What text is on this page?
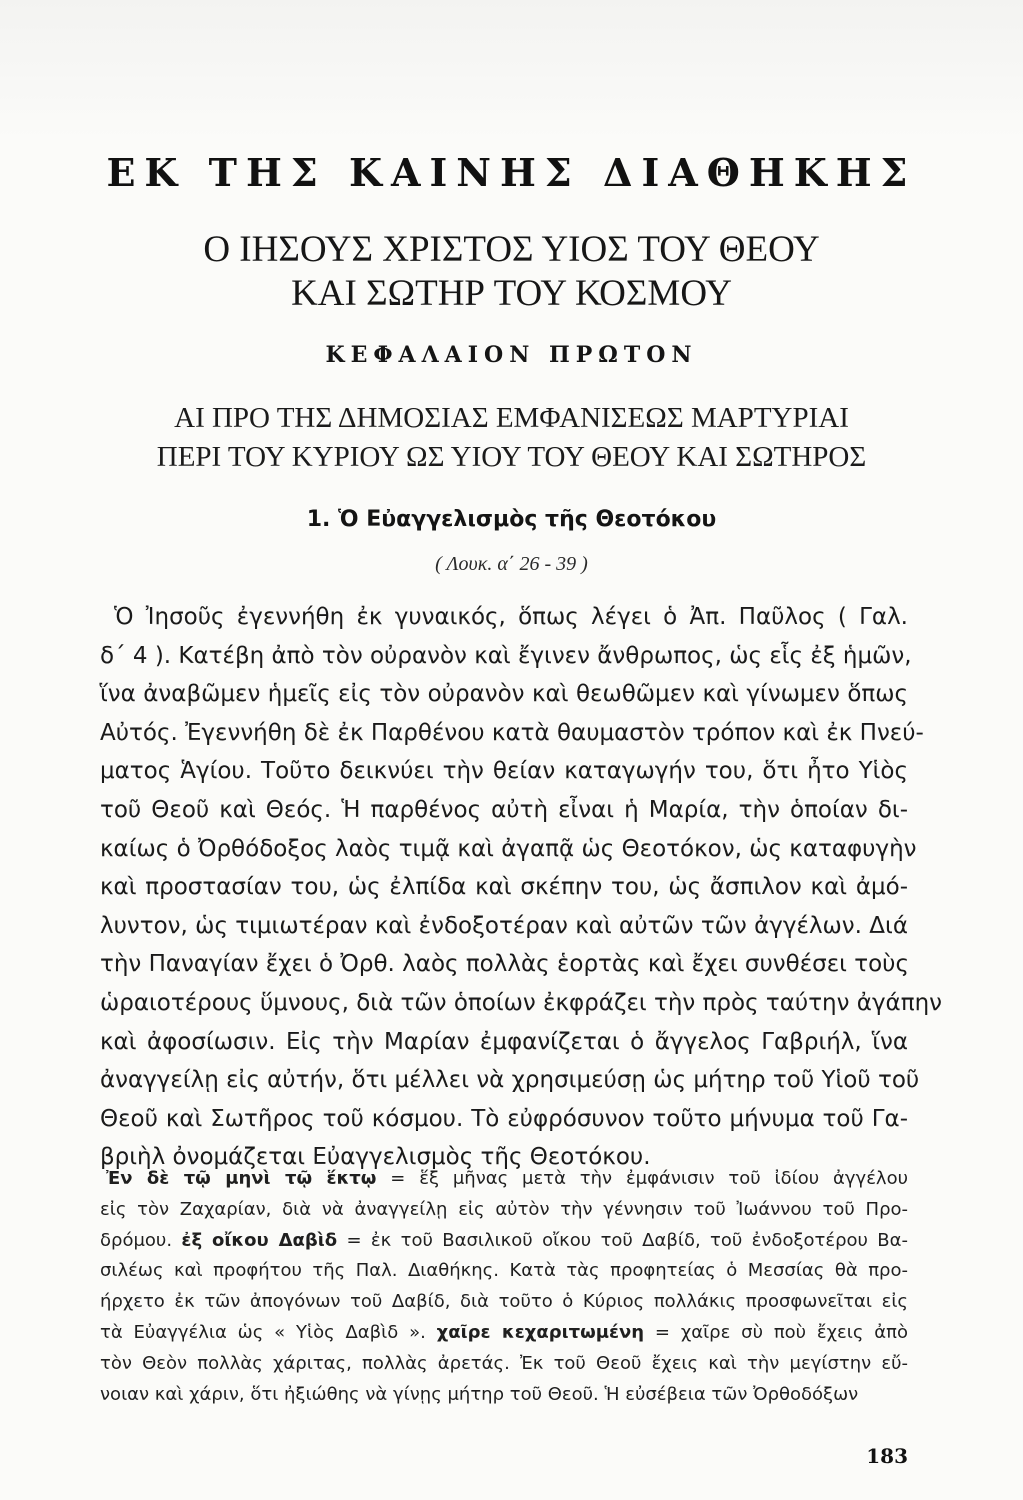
ΕΚ ΤΗΣ ΚΑΙΝΗΣ ΔΙΑΘΗΚΗΣ
Ο ΙΗΣΟΥΣ ΧΡΙΣΤΟΣ ΥΙΟΣ ΤΟΥ ΘΕΟΥ
ΚΑΙ ΣΩΤΗΡ ΤΟΥ ΚΟΣΜΟΥ
ΚΕΦΑΛΑΙΟΝ ΠΡΩΤΟΝ
ΑΙ ΠΡΟ ΤΗΣ ΔΗΜΟΣΙΑΣ ΕΜΦΑΝΙΣΕΩΣ ΜΑΡΤΥΡΙΑΙ
ΠΕΡΙ ΤΟΥ ΚΥΡΙΟΥ ΩΣ ΥΙΟΥ ΤΟΥ ΘΕΟΥ ΚΑΙ ΣΩΤΗΡΟΣ
1. Ὁ Εὐαγγελισμὸς τῆς Θεοτόκου
( Λουκ. α΄ 26 - 39 )
Ὁ Ἰησοῦς ἐγεννήθη ἐκ γυναικός, ὅπως λέγει ὁ Ἀπ. Παῦλος ( Γαλ.
δ΄ 4 ). Κατέβη ἀπὸ τὸν οὐρανὸν καὶ ἔγινεν ἄνθρωπος, ὡς εἷς ἐξ ἡμῶν,
ἵνα ἀναβῶμεν ἡμεῖς εἰς τὸν οὐρανὸν καὶ θεωθῶμεν καὶ γίνωμεν ὅπως
Αὐτός. Ἐγεννήθη δὲ ἐκ Παρθένου κατὰ θαυμαστὸν τρόπον καὶ ἐκ Πνεύ-
ματος Ἁγίου. Τοῦτο δεικνύει τὴν θείαν καταγωγήν του, ὅτι ἦτο Υἱὸς
τοῦ Θεοῦ καὶ Θεός. Ἡ παρθένος αὐτὴ εἶναι ἡ Μαρία, τὴν ὁποίαν δι-
καίως ὁ Ὀρθόδοξος λαὸς τιμᾷ καὶ ἀγαπᾷ ὡς Θεοτόκον, ὡς καταφυγὴν
καὶ προστασίαν του, ὡς ἐλπίδα καὶ σκέπην του, ὡς ἄσπιλον καὶ ἀμό-
λυντον, ὡς τιμιωτέραν καὶ ἐνδοξοτέραν καὶ αὐτῶν τῶν ἀγγέλων. Διά
τὴν Παναγίαν ἔχει ὁ Ὀρθ. λαὸς πολλὰς ἑορτὰς καὶ ἔχει συνθέσει τοὺς
ὡραιοτέρους ὕμνους, διὰ τῶν ὁποίων ἐκφράζει τὴν πρὸς ταύτην ἀγάπην
καὶ ἀφοσίωσιν. Εἰς τὴν Μαρίαν ἐμφανίζεται ὁ ἄγγελος Γαβριήλ, ἵνα
ἀναγγείλῃ εἰς αὐτήν, ὅτι μέλλει νὰ χρησιμεύσῃ ὡς μήτηρ τοῦ Υἱοῦ τοῦ
Θεοῦ καὶ Σωτῆρος τοῦ κόσμου. Τὸ εὐφρόσυνον τοῦτο μήνυμα τοῦ Γα-
βριὴλ ὀνομάζεται Εὐαγγελισμὸς τῆς Θεοτόκου.
Ἐν δὲ τῷ μηνὶ τῷ ἕκτῳ = ἕξ μῆνας μετὰ τὴν ἐμφάνισιν τοῦ ἰδίου ἀγγέλου
εἰς τὸν Ζαχαρίαν, διὰ νὰ ἀναγγείλῃ εἰς αὐτὸν τὴν γέννησιν τοῦ Ἰωάννου τοῦ Προ-
δρόμου. ἐξ οἴκου Δαβὶδ = ἐκ τοῦ Βασιλικοῦ οἴκου τοῦ Δαβίδ, τοῦ ἐνδοξοτέρου Βα-
σιλέως καὶ προφήτου τῆς Παλ. Διαθήκης. Κατὰ τὰς προφητείας ὁ Μεσσίας θὰ προ-
ήρχετο ἐκ τῶν ἀπογόνων τοῦ Δαβίδ, διὰ τοῦτο ὁ Κύριος πολλάκις προσφωνεῖται εἰς
τὰ Εὐαγγέλια ὡς « Υἱὸς Δαβὶδ ». χαῖρε κεχαριτωμένη = χαῖρε σὺ ποὺ ἔχεις ἀπὸ
τὸν Θεὸν πολλὰς χάριτας, πολλὰς ἀρετάς. Ἐκ τοῦ Θεοῦ ἔχεις καὶ τὴν μεγίστην εὔ-
νοιαν καὶ χάριν, ὅτι ἠξιώθης νὰ γίνῃς μήτηρ τοῦ Θεοῦ. Ἡ εὐσέβεια τῶν Ὀρθοδόξων
183
